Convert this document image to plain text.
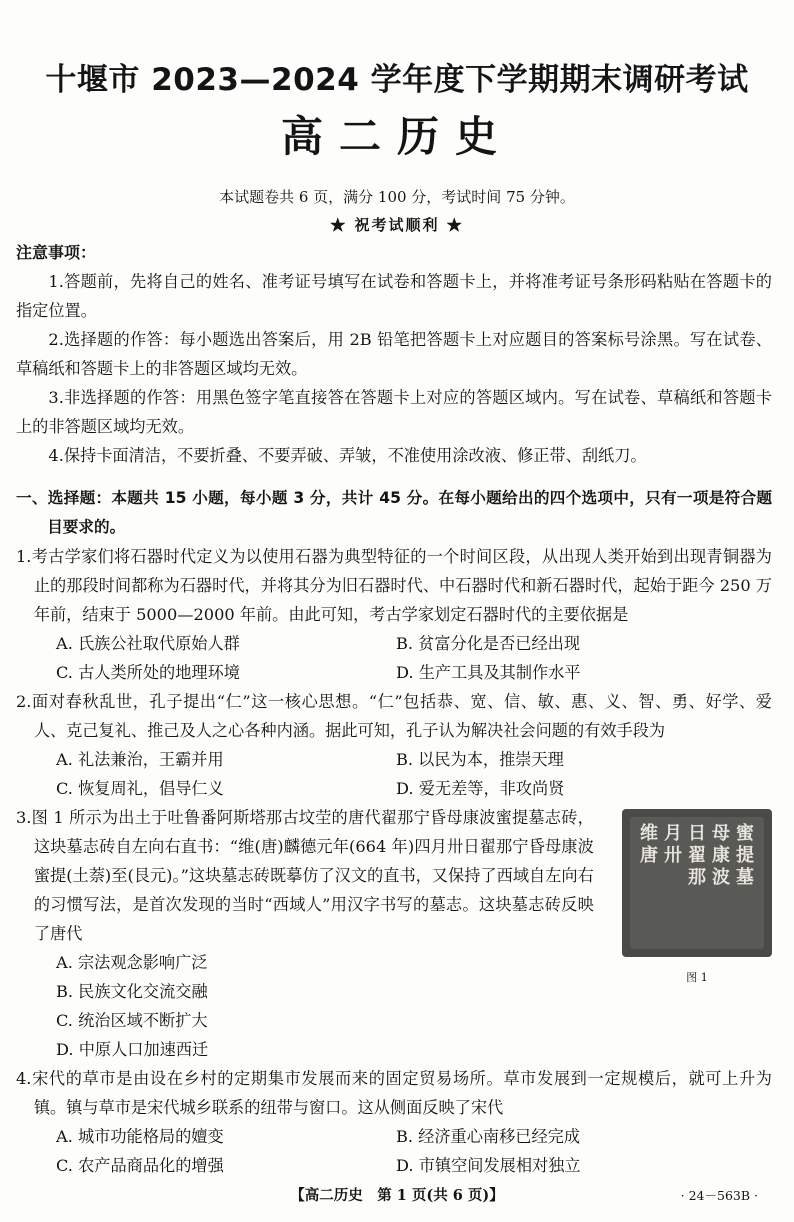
十堰市 2023—2024 学年度下学期期末调研考试
高二历史
本试题卷共 6 页，满分 100 分，考试时间 75 分钟。
★ 祝考试顺利 ★
注意事项：
1.答题前，先将自己的姓名、准考证号填写在试卷和答题卡上，并将准考证号条形码粘贴在答题卡的指定位置。
2.选择题的作答：每小题选出答案后，用 2B 铅笔把答题卡上对应题目的答案标号涂黑。写在试卷、草稿纸和答题卡上的非答题区域均无效。
3.非选择题的作答：用黑色签字笔直接答在答题卡上对应的答题区域内。写在试卷、草稿纸和答题卡上的非答题区域均无效。
4.保持卡面清洁，不要折叠、不要弄破、弄皱，不准使用涂改液、修正带、刮纸刀。
一、选择题：本题共 15 小题，每小题 3 分，共计 45 分。在每小题给出的四个选项中，只有一项是符合题目要求的。
1.考古学家们将石器时代定义为以使用石器为典型特征的一个时间区段，从出现人类开始到出现青铜器为止的那段时间都称为石器时代，并将其分为旧石器时代、中石器时代和新石器时代，起始于距今 250 万年前，结束于 5000—2000 年前。由此可知，考古学家划定石器时代的主要依据是
A. 氏族公社取代原始人群	B. 贫富分化是否已经出现
C. 古人类所处的地理环境	D. 生产工具及其制作水平
2.面对春秋乱世，孔子提出“仁”这一核心思想。“仁”包括恭、宽、信、敏、惠、义、智、勇、好学、爱人、克己复礼、推己及人之心各种内涵。据此可知，孔子认为解决社会问题的有效手段为
A. 礼法兼治，王霸并用	B. 以民为本，推崇天理
C. 恢复周礼，倡导仁义	D. 爱无差等，非攻尚贤
3.图 1 所示为出土于吐鲁番阿斯塔那古坟茔的唐代翟那宁昏母康波蜜提墓志砖，这块墓志砖自左向右直书：“维(唐)麟德元年(664 年)四月卅日翟那宁昏母康波蜜提(土萘)至(艮元)。”这块墓志砖既摹仿了汉文的直书，又保持了西域自左向右的习惯写法，是首次发现的当时“西域人”用汉字书写的墓志。这块墓志砖反映了唐代
A. 宗法观念影响广泛
B. 民族文化交流交融
C. 统治区域不断扩大
D. 中原人口加速西迁
蜜
提
墓
母
康
波
日
翟
那
月
卅
维
唐
图 1
4.宋代的草市是由设在乡村的定期集市发展而来的固定贸易场所。草市发展到一定规模后，就可上升为镇。镇与草市是宋代城乡联系的纽带与窗口。这从侧面反映了宋代
A. 城市功能格局的嬗变	B. 经济重心南移已经完成
C. 农产品商品化的增强	D. 市镇空间发展相对独立
【高二历史　第 1 页(共 6 页)】	· 24－563B ·
